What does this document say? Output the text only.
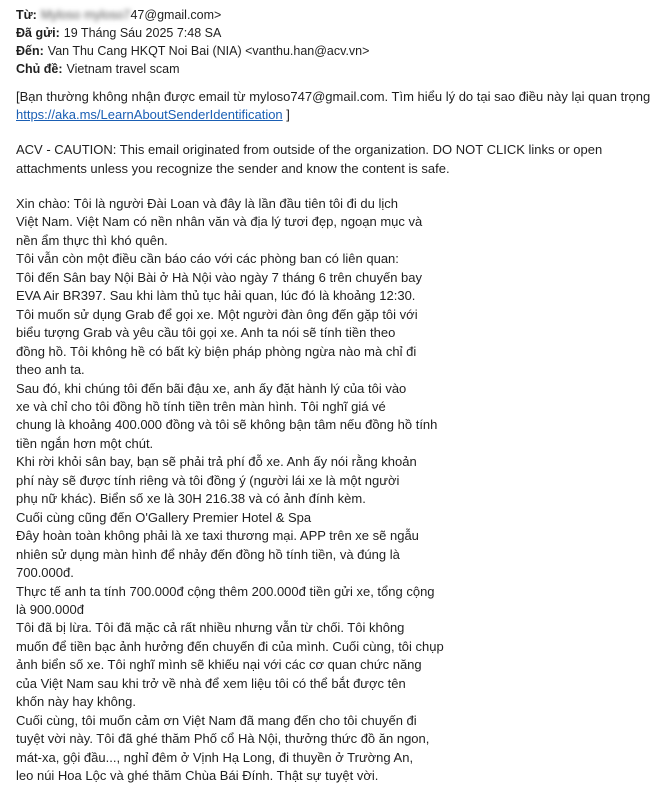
Từ: Myloso myloso747@gmail.com>
Đã gửi: 19 Tháng Sáu 2025 7:48 SA
Đến: Van Thu Cang HKQT Noi Bai (NIA) <vanthu.han@acv.vn>
Chủ đề: Vietnam travel scam
[Bạn thường không nhận được email từ myloso747@gmail.com. Tìm hiểu lý do tại sao điều này lại quan trọng
https://aka.ms/LearnAboutSenderIdentification ]
ACV - CAUTION: This email originated from outside of the organization. DO NOT CLICK links or open
attachments unless you recognize the sender and know the content is safe.
Xin chào: Tôi là người Đài Loan và đây là lần đầu tiên tôi đi du lịch
Việt Nam. Việt Nam có nền nhân văn và địa lý tươi đẹp, ngoạn mục và
nền ẩm thực thì khó quên.
Tôi vẫn còn một điều cần báo cáo với các phòng ban có liên quan:
Tôi đến Sân bay Nội Bài ở Hà Nội vào ngày 7 tháng 6 trên chuyến bay
EVA Air BR397. Sau khi làm thủ tục hải quan, lúc đó là khoảng 12:30.
Tôi muốn sử dụng Grab để gọi xe. Một người đàn ông đến gặp tôi với
biểu tượng Grab và yêu cầu tôi gọi xe. Anh ta nói sẽ tính tiền theo
đồng hồ. Tôi không hề có bất kỳ biện pháp phòng ngừa nào mà chỉ đi
theo anh ta.
Sau đó, khi chúng tôi đến bãi đậu xe, anh ấy đặt hành lý của tôi vào
xe và chỉ cho tôi đồng hồ tính tiền trên màn hình. Tôi nghĩ giá vé
chung là khoảng 400.000 đồng và tôi sẽ không bận tâm nếu đồng hồ tính
tiền ngắn hơn một chút.
Khi rời khỏi sân bay, bạn sẽ phải trả phí đỗ xe. Anh ấy nói rằng khoản
phí này sẽ được tính riêng và tôi đồng ý (người lái xe là một người
phụ nữ khác). Biển số xe là 30H 216.38 và có ảnh đính kèm.
Cuối cùng cũng đến O'Gallery Premier Hotel & Spa
Đây hoàn toàn không phải là xe taxi thương mại. APP trên xe sẽ ngẫu
nhiên sử dụng màn hình để nhảy đến đồng hồ tính tiền, và đúng là
700.000đ.
Thực tế anh ta tính 700.000đ cộng thêm 200.000đ tiền gửi xe, tổng cộng
là 900.000đ
Tôi đã bị lừa. Tôi đã mặc cả rất nhiều nhưng vẫn từ chối. Tôi không
muốn để tiền bạc ảnh hưởng đến chuyến đi của mình. Cuối cùng, tôi chụp
ảnh biển số xe. Tôi nghĩ mình sẽ khiếu nại với các cơ quan chức năng
của Việt Nam sau khi trở về nhà để xem liệu tôi có thể bắt được tên
khốn này hay không.
Cuối cùng, tôi muốn cảm ơn Việt Nam đã mang đến cho tôi chuyến đi
tuyệt vời này. Tôi đã ghé thăm Phố cổ Hà Nội, thưởng thức đồ ăn ngon,
mát-xa, gội đầu..., nghỉ đêm ở Vịnh Hạ Long, đi thuyền ở Trường An,
leo núi Hoa Lộc và ghé thăm Chùa Bái Đính. Thật sự tuyệt vời.
